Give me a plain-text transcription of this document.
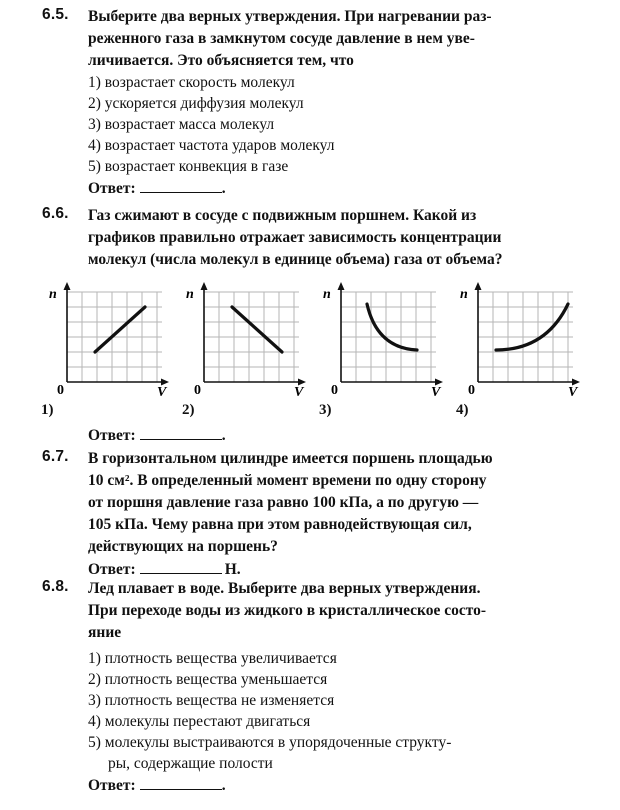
6.5.	Выберите два верных утверждения. При нагревании раз-
реженного газа в замкнутом сосуде давление в нем уве-
личивается. Это объясняется тем, что
1) возрастает скорость молекул
2) ускоряется диффузия молекул
3) возрастает масса молекул
4) возрастает частота ударов молекул
5) возрастает конвекция в газе
Ответ:	.
6.6.	Газ сжимают в сосуде с подвижным поршнем. Какой из
графиков правильно отражает зависимость концентрации
молекул (числа молекул в единице объема) газа от объема?
n
0	V
1)
n
0	V
2)
n
0	V
3)
n
0	V
4)
Ответ:	.
6.7.	В горизонтальном цилиндре имеется поршень площадью
10 см². В определенный момент времени по одну сторону
от поршня давление газа равно 100 кПа, а по другую —
105 кПа. Чему равна при этом равнодействующая сил,
действующих на поршень?
Ответ:	Н.
6.8.	Лед плавает в воде. Выберите два верных утверждения.
При переходе воды из жидкого в кристаллическое состо-
яние
1) плотность вещества увеличивается
2) плотность вещества уменьшается
3) плотность вещества не изменяется
4) молекулы перестают двигаться
5) молекулы выстраиваются в упорядоченные структу-
ры, содержащие полости
Ответ:	.
